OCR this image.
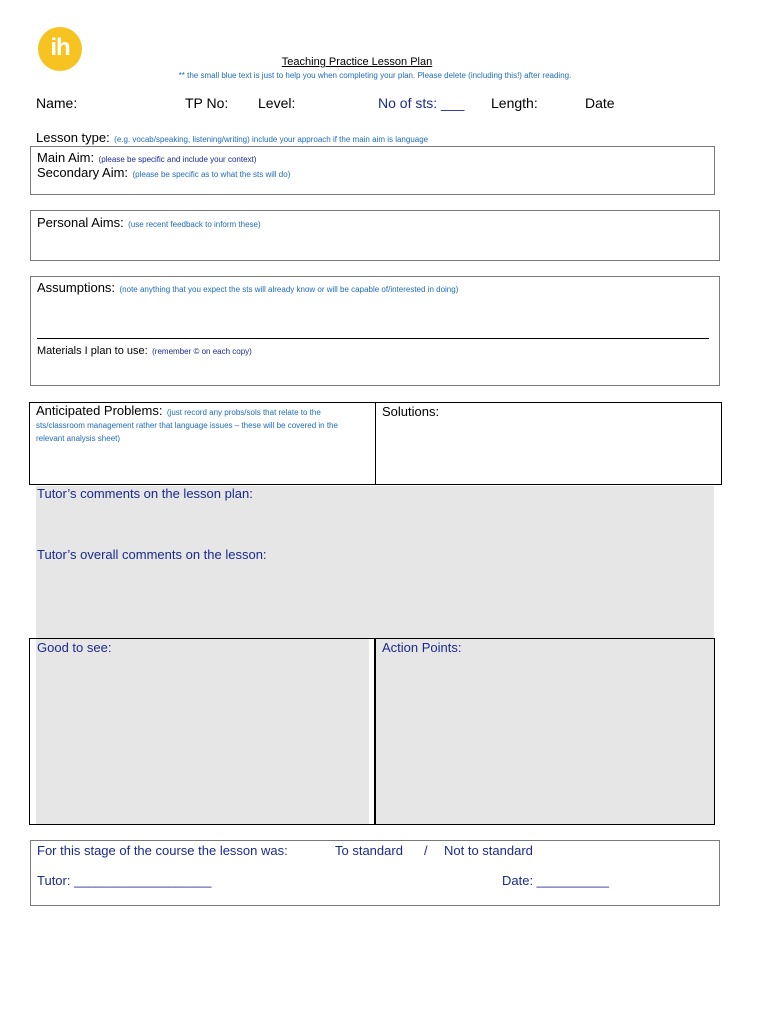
ih
Teaching Practice Lesson Plan
** the small blue text is just to help you when completing your plan. Please delete (including this!) after reading.
Name:	TP No: Level:	No of sts: ___ Length:	Date
Lesson type: (e.g. vocab/speaking, listening/writing) include your approach if the main aim is language
Main Aim: (please be specific and include your context)
Secondary Aim: (please be specific as to what the sts will do)
Personal Aims: (use recent feedback to inform these)
Assumptions: (note anything that you expect the sts will already know or will be capable of/interested in doing)
Materials I plan to use: (remember © on each copy)
Anticipated Problems: (just record any probs/sols that relate to the sts/classroom management rather that language issues – these will be covered in the relevant analysis sheet)
Solutions:
Tutor’s comments on the lesson plan:
Tutor’s overall comments on the lesson:
Good to see:	Action Points:
For this stage of the course the lesson was:	To standard / Not to standard
Tutor: ___________________	Date: __________
